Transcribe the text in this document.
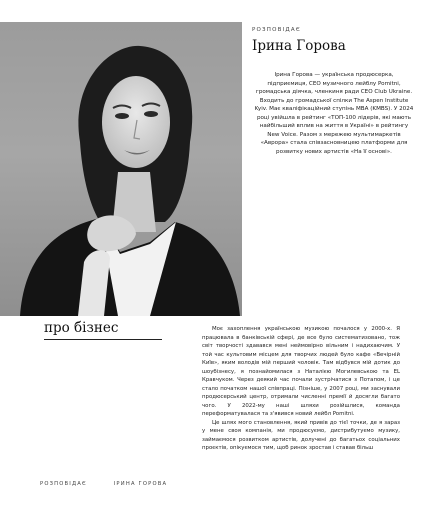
РОЗПОВІДАЄ
Ірина Горова
Ірина Горова — українська продюсерка, підприємиця, CEO музичного лейблу Pomitni, громадська діячка, членкиня ради CEO Club Ukraine. Входить до громадської спілки The Aspen Institute Kyiv. Має кваліфікаційний ступінь MBA (KMBS). У 2024 році увійшла в рейтинг «ТОП-100 лідерів, які мають найбільший вплив на життя в Україні» в рейтингу New Voice. Разом з мережею мультимаркетів «Аврора» стала співзасновницею платформи для розвитку нових артистів «На її основі».
про бізнес	Моє захоплення українською музикою почалося у 2000-х. Я працювала в банківській сфері, де все було систематизовано, тож світ творчості здавався мені неймовірно вільним і надихаючим. У той час культовим місцем для творчих людей було кафе «Вечірній Київ», яким володів мій перший чоловік. Там відбувся мій дотик до шоубізнесу, я познайомилася з Наталією Могилевською та EL Кравчуком. Через деякий час почали зустрічатися з Потапом, і це стало початком нашої співпраці. Пізніше, у 2007 році, ми заснували продюсерський центр, отримали численні премії й досягли багато чого. У 2022-му наші шляхи розійшлися, команда переформатувалася та з'явився новий лейбл Pomitni.

Це шлях мого становлення, який привів до тієї точки, де я зараз у мене своя компанія, ми продюсуємо, дистрибутуємо музику, займаємося розвитком артистів, долучені до багатьох соціальних проєктів, опікуємося тим, щоб ринок зростав і ставав більш

РОЗПОВІДАЄ	ІРИНА ГОРОВА
